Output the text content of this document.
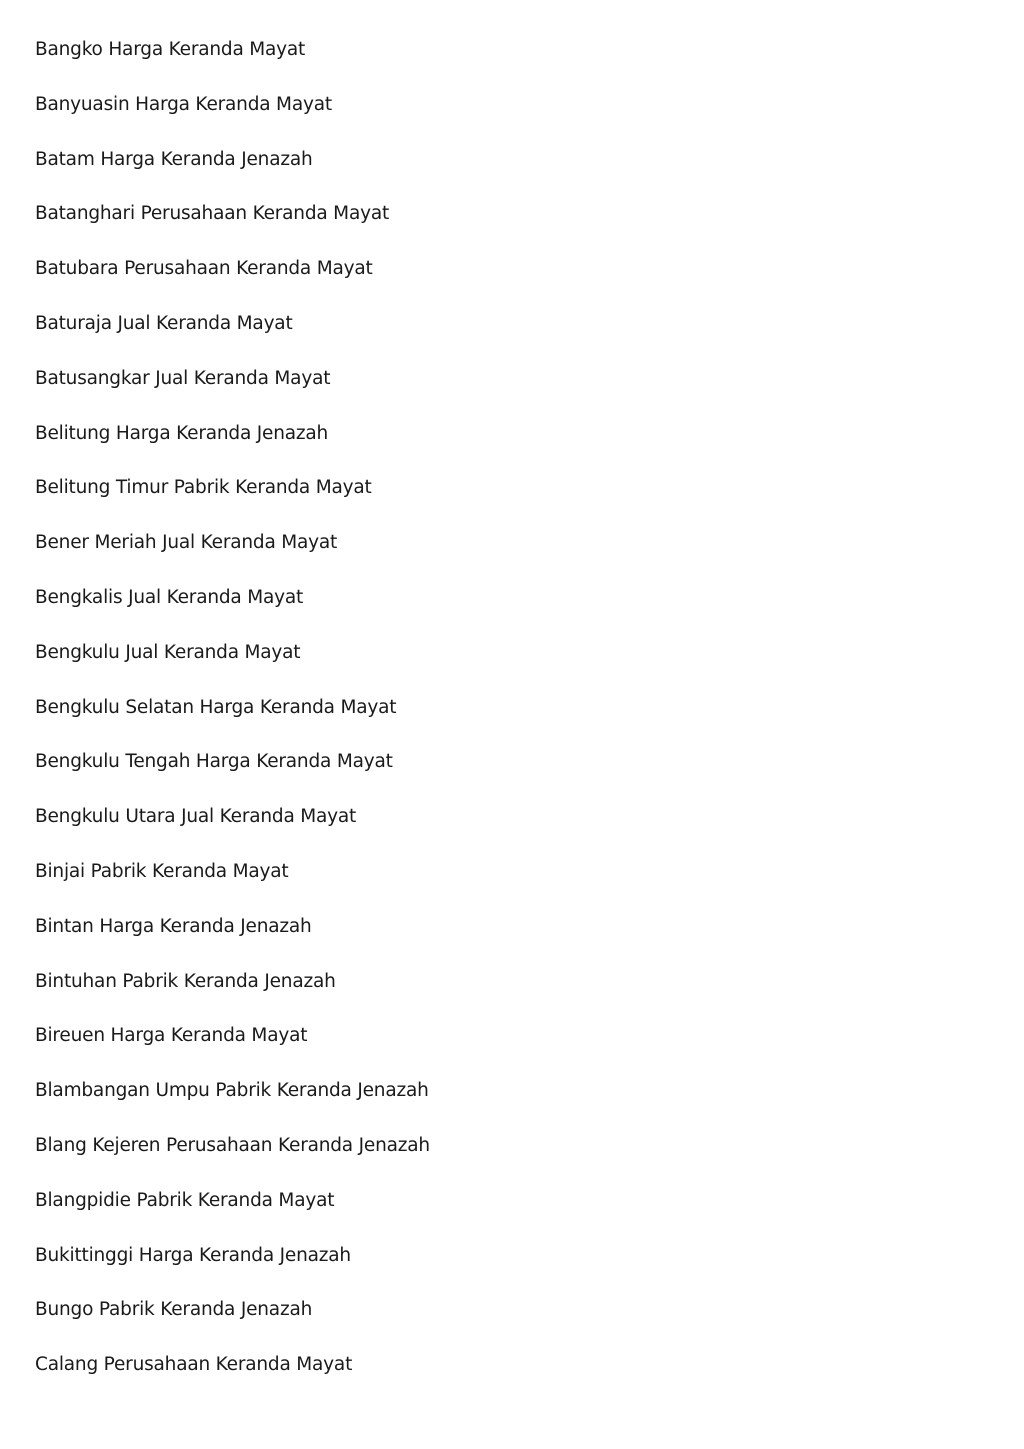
Bangko Harga Keranda Mayat
Banyuasin Harga Keranda Mayat
Batam Harga Keranda Jenazah
Batanghari Perusahaan Keranda Mayat
Batubara Perusahaan Keranda Mayat
Baturaja Jual Keranda Mayat
Batusangkar Jual Keranda Mayat
Belitung Harga Keranda Jenazah
Belitung Timur Pabrik Keranda Mayat
Bener Meriah Jual Keranda Mayat
Bengkalis Jual Keranda Mayat
Bengkulu Jual Keranda Mayat
Bengkulu Selatan Harga Keranda Mayat
Bengkulu Tengah Harga Keranda Mayat
Bengkulu Utara Jual Keranda Mayat
Binjai Pabrik Keranda Mayat
Bintan Harga Keranda Jenazah
Bintuhan Pabrik Keranda Jenazah
Bireuen Harga Keranda Mayat
Blambangan Umpu Pabrik Keranda Jenazah
Blang Kejeren Perusahaan Keranda Jenazah
Blangpidie Pabrik Keranda Mayat
Bukittinggi Harga Keranda Jenazah
Bungo Pabrik Keranda Jenazah
Calang Perusahaan Keranda Mayat
